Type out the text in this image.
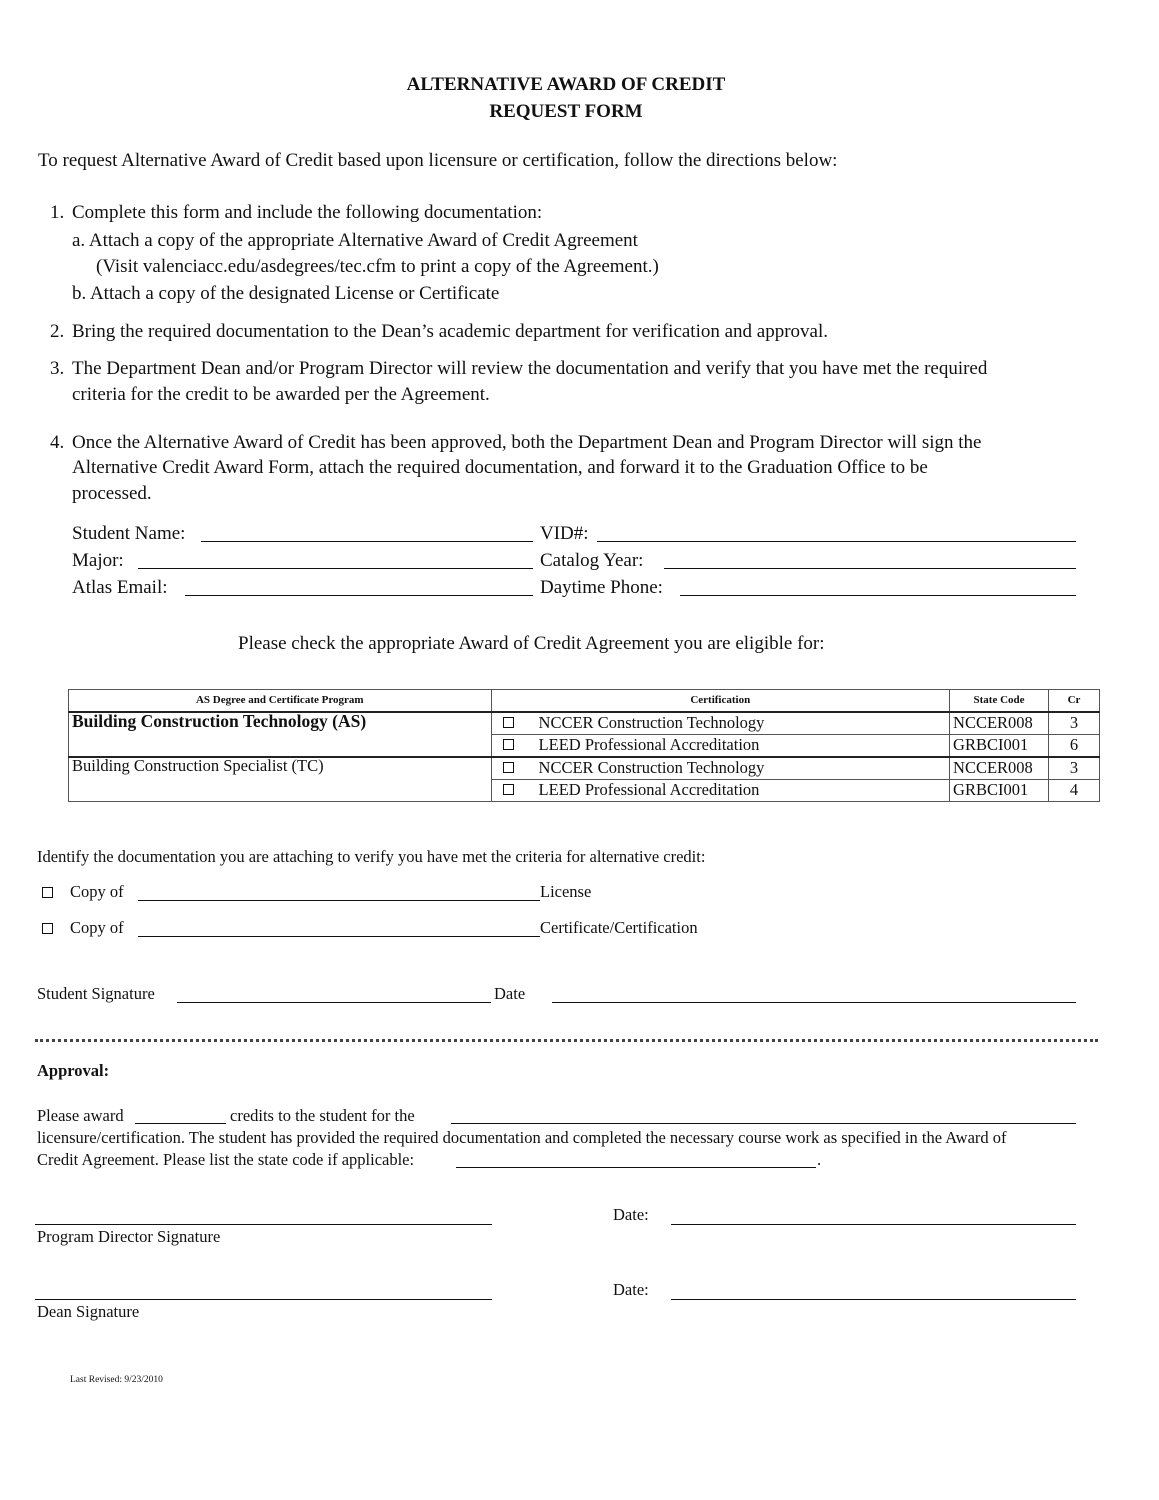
ALTERNATIVE AWARD OF CREDIT
REQUEST FORM
To request Alternative Award of Credit based upon licensure or certification, follow the directions below:
1. Complete this form and include the following documentation:
a. Attach a copy of the appropriate Alternative Award of Credit Agreement
(Visit valenciacc.edu/asdegrees/tec.cfm to print a copy of the Agreement.)
b. Attach a copy of the designated License or Certificate
2. Bring the required documentation to the Dean’s academic department for verification and approval.
3. The Department Dean and/or Program Director will review the documentation and verify that you have met the required
criteria for the credit to be awarded per the Agreement.
4. Once the Alternative Award of Credit has been approved, both the Department Dean and Program Director will sign the
Alternative Credit Award Form, attach the required documentation, and forward it to the Graduation Office to be
processed.
Student Name:	VID#:
Major:	Catalog Year:
Atlas Email:	Daytime Phone:
Please check the appropriate Award of Credit Agreement you are eligible for:
AS Degree and Certificate Program	Certification	State Code	Cr
Building Construction Technology (AS)	NCCER Construction Technology	NCCER008	3
	LEED Professional Accreditation	GRBCI001	6
Building Construction Specialist (TC)	NCCER Construction Technology	NCCER008	3
	LEED Professional Accreditation	GRBCI001	4
Identify the documentation you are attaching to verify you have met the criteria for alternative credit:
Copy of	License
Copy of	Certificate/Certification
Student Signature	Date
Approval:
Please award	credits to the student for the
licensure/certification. The student has provided the required documentation and completed the necessary course work as specified in the Award of
Credit Agreement. Please list the state code if applicable:	.
Program Director Signature
Date:
Dean Signature
Date:
Last Revised: 9/23/2010
